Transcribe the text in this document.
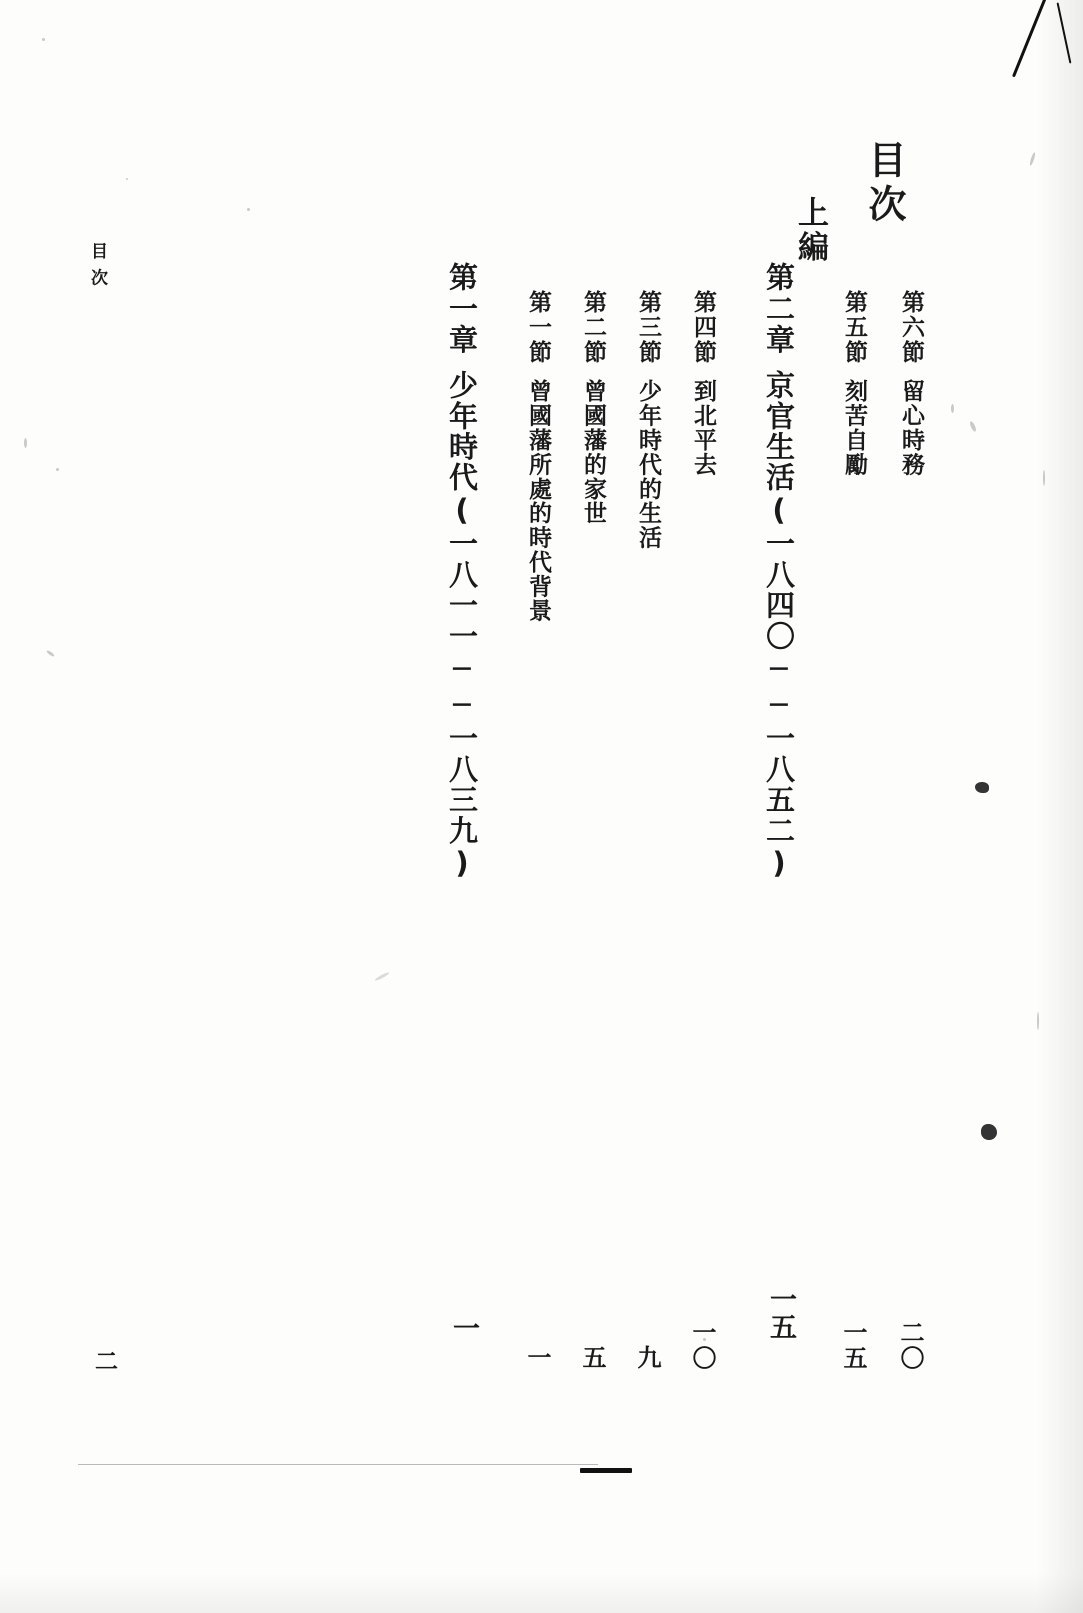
目次
上編
目次
二
第一章
少年時代(一八一一──一八三九)
一
第一節
曾國藩所處的時代背景
一
第二節
曾國藩的家世
五
第三節
少年時代的生活
九
第四節
到北平去
一〇
第二章
京官生活(一八四〇──一八五二)
一五
第五節
刻苦自勵
一五
第六節
留心時務
二〇
